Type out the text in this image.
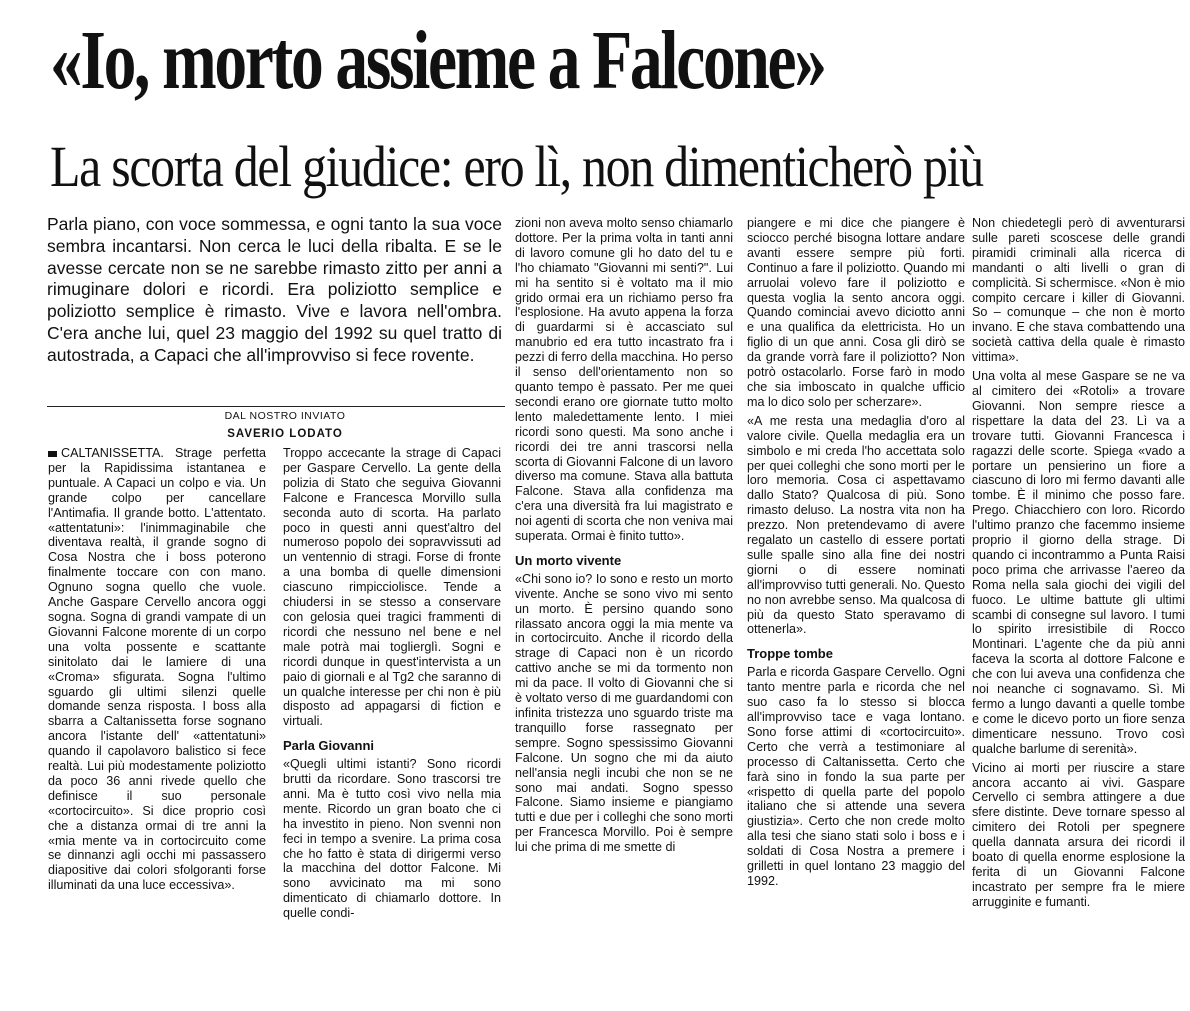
«Io, morto assieme a Falcone»
La scorta del giudice: ero lì, non dimenticherò più

Parla piano, con voce sommessa, e ogni tanto la sua voce sembra incantarsi. Non cerca le luci della ribalta. E se le avesse cercate non se ne sarebbe rimasto zitto per anni a rimuginare dolori e ricordi. Era poliziotto semplice e poliziotto semplice è rimasto. Vive e lavora nell'ombra. C'era anche lui, quel 23 maggio del 1992 su quel tratto di autostrada, a Capaci che all'improvviso si fece rovente.

DAL NOSTRO INVIATO
SAVERIO LODATO

CALTANISSETTA. Strage perfetta per la Rapidissima istantanea e puntuale. A Capaci un colpo e via. Un grande colpo per cancellare l'Antimafia. Il grande botto. L'attentato. «attentatuni»: l'inimmaginabile che diventava realtà, il grande sogno di Cosa Nostra che i boss poterono finalmente toccare con con mano. Ognuno sogna quello che vuole. Anche Gaspare Cervello ancora oggi sogna. Sogna di grandi vampate di un Giovanni Falcone morente di un corpo una volta possente e scattante sinitolato dai le lamiere di una «Croma» sfigurata. Sogna l'ultimo sguardo gli ultimi silenzi quelle domande senza risposta. I boss alla sbarra a Caltanissetta forse sognano ancora l'istante dell' «attentatuni» quando il capolavoro balistico si fece realtà. Lui più modestamente poliziotto da poco 36 anni rivede quello che definisce il suo personale «cortocircuito». Si dice proprio così che a distanza ormai di tre anni la «mia mente va in cortocircuito come se dinnanzi agli occhi mi passassero diapositive dai colori sfolgoranti forse illuminati da una luce eccessiva».

Troppo accecante la strage di Capaci per Gaspare Cervello. La gente della polizia di Stato che seguiva Giovanni Falcone e Francesca Morvillo sulla seconda auto di scorta. Ha parlato poco in questi anni quest'altro del numeroso popolo dei sopravvissuti ad un ventennio di stragi. Forse di fronte a una bomba di quelle dimensioni ciascuno rimpicciolisce. Tende a chiudersi in se stesso a conservare con gelosia quei tragici frammenti di ricordi che nessuno nel bene e nel male potrà mai toglierglì. Sogni e ricordi dunque in quest'intervista a un paio di giornali e al Tg2 che saranno di un qualche interesse per chi non è più disposto ad appagarsi di fiction e virtuali.

Parla Giovanni

«Quegli ultimi istanti? Sono ricordi brutti da ricordare. Sono trascorsi tre anni. Ma è tutto così vivo nella mia mente. Ricordo un gran boato che ci ha investito in pieno. Non svenni non feci in tempo a svenire. La prima cosa che ho fatto è stata di dirigermi verso la macchina del dottor Falcone. Mi sono avvicinato ma mi sono dimenticato di chiamarlo dottore. In quelle condi-

zioni non aveva molto senso chiamarlo dottore. Per la prima volta in tanti anni di lavoro comune gli ho dato del tu e l'ho chiamato "Giovanni mi senti?". Lui mi ha sentito si è voltato ma il mio grido ormai era un richiamo perso fra l'esplosione. Ha avuto appena la forza di guardarmi si è accasciato sul manubrio ed era tutto incastrato fra i pezzi di ferro della macchina. Ho perso il senso dell'orientamento non so quanto tempo è passato. Per me quei secondi erano ore giornate tutto molto lento maledettamente lento. I miei ricordi sono questi. Ma sono anche i ricordi dei tre anni trascorsi nella scorta di Giovanni Falcone di un lavoro diverso ma comune. Stava alla battuta Falcone. Stava alla confidenza ma c'era una diversità fra lui magistrato e noi agenti di scorta che non veniva mai superata. Ormai è finito tutto».

Un morto vivente

«Chi sono io? Io sono e resto un morto vivente. Anche se sono vivo mi sento un morto. È persino quando sono rilassato ancora oggi la mia mente va in cortocircuito. Anche il ricordo della strage di Capaci non è un ricordo cattivo anche se mi da tormento non mi da pace. Il volto di Giovanni che si è voltato verso di me guardandomi con infinita tristezza uno sguardo triste ma tranquillo forse rassegnato per sempre. Sogno spessissimo Giovanni Falcone. Un sogno che mi da aiuto nell'ansia negli incubi che non se ne sono mai andati. Sogno spesso Falcone. Siamo insieme e piangiamo tutti e due per i colleghi che sono morti per Francesca Morvillo. Poi è sempre lui che prima di me smette di

piangere e mi dice che piangere è sciocco perché bisogna lottare andare avanti essere sempre più forti. Continuo a fare il poliziotto. Quando mi arruolai volevo fare il poliziotto e questa voglia la sento ancora oggi. Quando cominciai avevo diciotto anni e una qualifica da elettricista. Ho un figlio di un que anni. Cosa gli dirò se da grande vorrà fare il poliziotto? Non potrò ostacolarlo. Forse farò in modo che sia imboscato in qualche ufficio ma lo dico solo per scherzare».

«A me resta una medaglia d'oro al valore civile. Quella medaglia era un simbolo e mi creda l'ho accettata solo per quei colleghi che sono morti per le loro memoria. Cosa ci aspettavamo dallo Stato? Qualcosa di più. Sono rimasto deluso. La nostra vita non ha prezzo. Non pretendevamo di avere regalato un castello di essere portati sulle spalle sino alla fine dei nostri giorni o di essere nominati all'improvviso tutti generali. No. Questo no non avrebbe senso. Ma qualcosa di più da questo Stato speravamo di ottenerla».

Troppe tombe

Parla e ricorda Gaspare Cervello. Ogni tanto mentre parla e ricorda che nel suo caso fa lo stesso si blocca all'improvviso tace e vaga lontano. Sono forse attimi di «cortocircuito». Certo che verrà a testimoniare al processo di Caltanissetta. Certo che farà sino in fondo la sua parte per «rispetto di quella parte del popolo italiano che si attende una severa giustizia». Certo che non crede molto alla tesi che siano stati solo i boss e i soldati di Cosa Nostra a premere i grilletti in quel lontano 23 maggio del 1992.

Non chiedetegli però di avventurarsi sulle pareti scoscese delle grandi piramidi criminali alla ricerca di mandanti o alti livelli o gran di complicità. Si schermisce. «Non è mio compito cercare i killer di Giovanni. So – comunque – che non è morto invano. E che stava combattendo una società cattiva della quale è rimasto vittima».

Una volta al mese Gaspare se ne va al cimitero dei «Rotoli» a trovare Giovanni. Non sempre riesce a rispettare la data del 23. Lì va a trovare tutti. Giovanni Francesca i ragazzi delle scorte. Spiega «vado a portare un pensierino un fiore a ciascuno di loro mi fermo davanti alle tombe. È il minimo che posso fare. Prego. Chiacchiero con loro. Ricordo l'ultimo pranzo che facemmo insieme proprio il giorno della strage. Di quando ci incontrammo a Punta Raisi poco prima che arrivasse l'aereo da Roma nella sala giochi dei vigili del fuoco. Le ultime battute gli ultimi scambi di consegne sul lavoro. I tumi lo spirito irresistibile di Rocco Montinari. L'agente che da più anni faceva la scorta al dottore Falcone e che con lui aveva una confidenza che noi neanche ci sognavamo. Sì. Mi fermo a lungo davanti a quelle tombe e come le dicevo porto un fiore senza dimenticare nessuno. Trovo così qualche barlume di serenità».

Vicino ai morti per riuscire a stare ancora accanto ai vivi. Gaspare Cervello ci sembra attingere a due sfere distinte. Deve tornare spesso al cimitero dei Rotoli per spegnere quella dannata arsura dei ricordi il boato di quella enorme esplosione la ferita di un Giovanni Falcone incastrato per sempre fra le miere arrugginite e fumanti.
